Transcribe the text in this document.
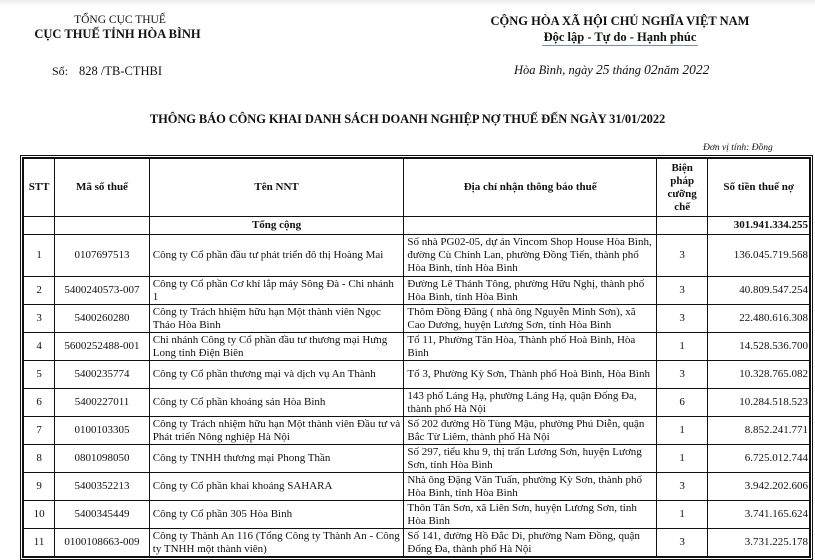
TỔNG CỤC THUẾ
CỤC THUẾ TỈNH HÒA BÌNH
Số: 828 /TB-CTHBI
CỘNG HÒA XÃ HỘI CHỦ NGHĨA VIỆT NAM
Độc lập - Tự do - Hạnh phúc
Hòa Bình, ngày 25 tháng 02năm 2022
THÔNG BÁO CÔNG KHAI DANH SÁCH DOANH NGHIỆP NỢ THUẾ ĐẾN NGÀY 31/01/2022
Đơn vị tính: Đồng
STT	Mã số thuế	Tên NNT	Địa chỉ nhận thông báo thuế	Biện pháp cưỡng chế	Số tiền thuế nợ
		Tổng cộng			301.941.334.255
1	0107697513	Công ty Cổ phần đầu tư phát triển đô thị Hoàng Mai	Số nhà PG02-05, dự án Vincom Shop House Hòa Bình, đường Cù Chính Lan, phường Đồng Tiến, thành phố Hòa Bình, tỉnh Hòa Bình	3	136.045.719.568
2	5400240573-007	Công ty Cổ phần Cơ khí lắp máy Sông Đà - Chi nhánh 1	Đường Lê Thánh Tông, phường Hữu Nghị, thành phố Hòa Bình, tỉnh Hòa Bình	3	40.809.547.254
3	5400260280	Công ty Trách hhiệm hữu hạn Một thành viên Ngọc Thảo Hòa Bình	Thôm Đồng Đăng ( nhà ông Nguyễn Minh Sơn), xã Cao Dương, huyện Lương Sơn, tỉnh Hòa Bình	3	22.480.616.308
4	5600252488-001	Chi nhánh Công ty Cổ phần đầu tư thương mại Hưng Long tỉnh Điện Biên	Tổ 11, Phường Tân Hòa, Thành phố Hoà Bình, Hòa Bình	1	14.528.536.700
5	5400235774	Công ty Cổ phần thương mại và dịch vụ An Thành	Tổ 3, Phường Kỳ Sơn, Thành phố Hoà Bình, Hòa Bình	3	10.328.765.082
6	5400227011	Công ty Cổ phần khoáng sản Hòa Bình	143 phố Láng Hạ, phường Láng Hạ, quận Đống Đa, thành phố Hà Nội	6	10.284.518.523
7	0100103305	Công ty Trách nhiệm hữu hạn Một thành viên Đầu tư và Phát triển Nông nghiệp Hà Nội	Số 202 đường Hồ Tùng Mậu, phường Phú Diễn, quận Bắc Từ Liêm, thành phố Hà Nội	1	8.852.241.771
8	0801098050	Công ty TNHH thương mại Phong Thần	Số 297, tiểu khu 9, thị trấn Lương Sơn, huyện Lương Sơn, tỉnh Hòa Bình	1	6.725.012.744
9	5400352213	Công ty Cổ phần khai khoáng SAHARA	Nhà ông Đặng Văn Tuấn, phường Kỳ Sơn, thành phố Hòa Bình, tỉnh Hòa Bình	3	3.942.202.606
10	5400345449	Công ty Cổ phần 305 Hòa Bình	Thôn Tân Sơn, xã Liên Sơn, huyện Lương Sơn, tỉnh Hòa Bình	1	3.741.165.624
11	0100108663-009	Công ty Thành An 116 (Tổng Công ty Thành An - Công ty TNHH một thành viên)	Số 141, đường Hồ Đắc Di, phường Nam Đồng, quận Đống Đa, thành phố Hà Nội	3	3.731.225.178
